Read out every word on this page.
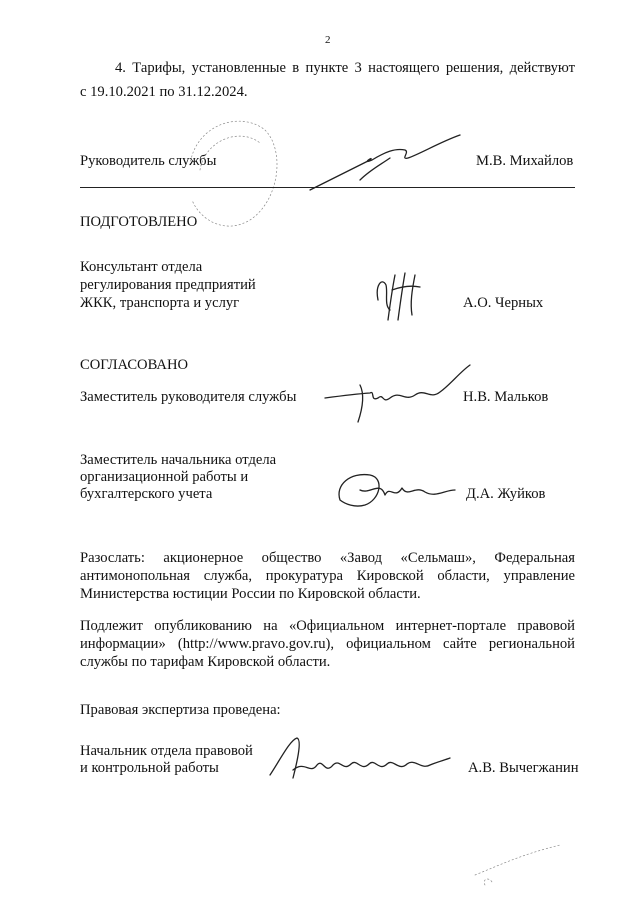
2
4. Тарифы, установленные в пункте 3 настоящего решения, действуют
с 19.10.2021 по 31.12.2024.
Руководитель службы	М.В. Михайлов
ПОДГОТОВЛЕНО
Консультант отдела
регулирования предприятий
ЖКК, транспорта и услуг	А.О. Черных
СОГЛАСОВАНО
Заместитель руководителя службы	Н.В. Мальков
Заместитель начальника отдела
организационной работы и
бухгалтерского учета	Д.А. Жуйков
Разослать: акционерное общество «Завод «Сельмаш», Федеральная
антимонопольная служба, прокуратура Кировской области, управление
Министерства юстиции России по Кировской области.
Подлежит опубликованию на «Официальном интернет-портале правовой
информации» (http://www.pravo.gov.ru), официальном сайте региональной
службы по тарифам Кировской области.
Правовая экспертиза проведена:
Начальник отдела правовой
и контрольной работы	А.В. Вычегжанин
